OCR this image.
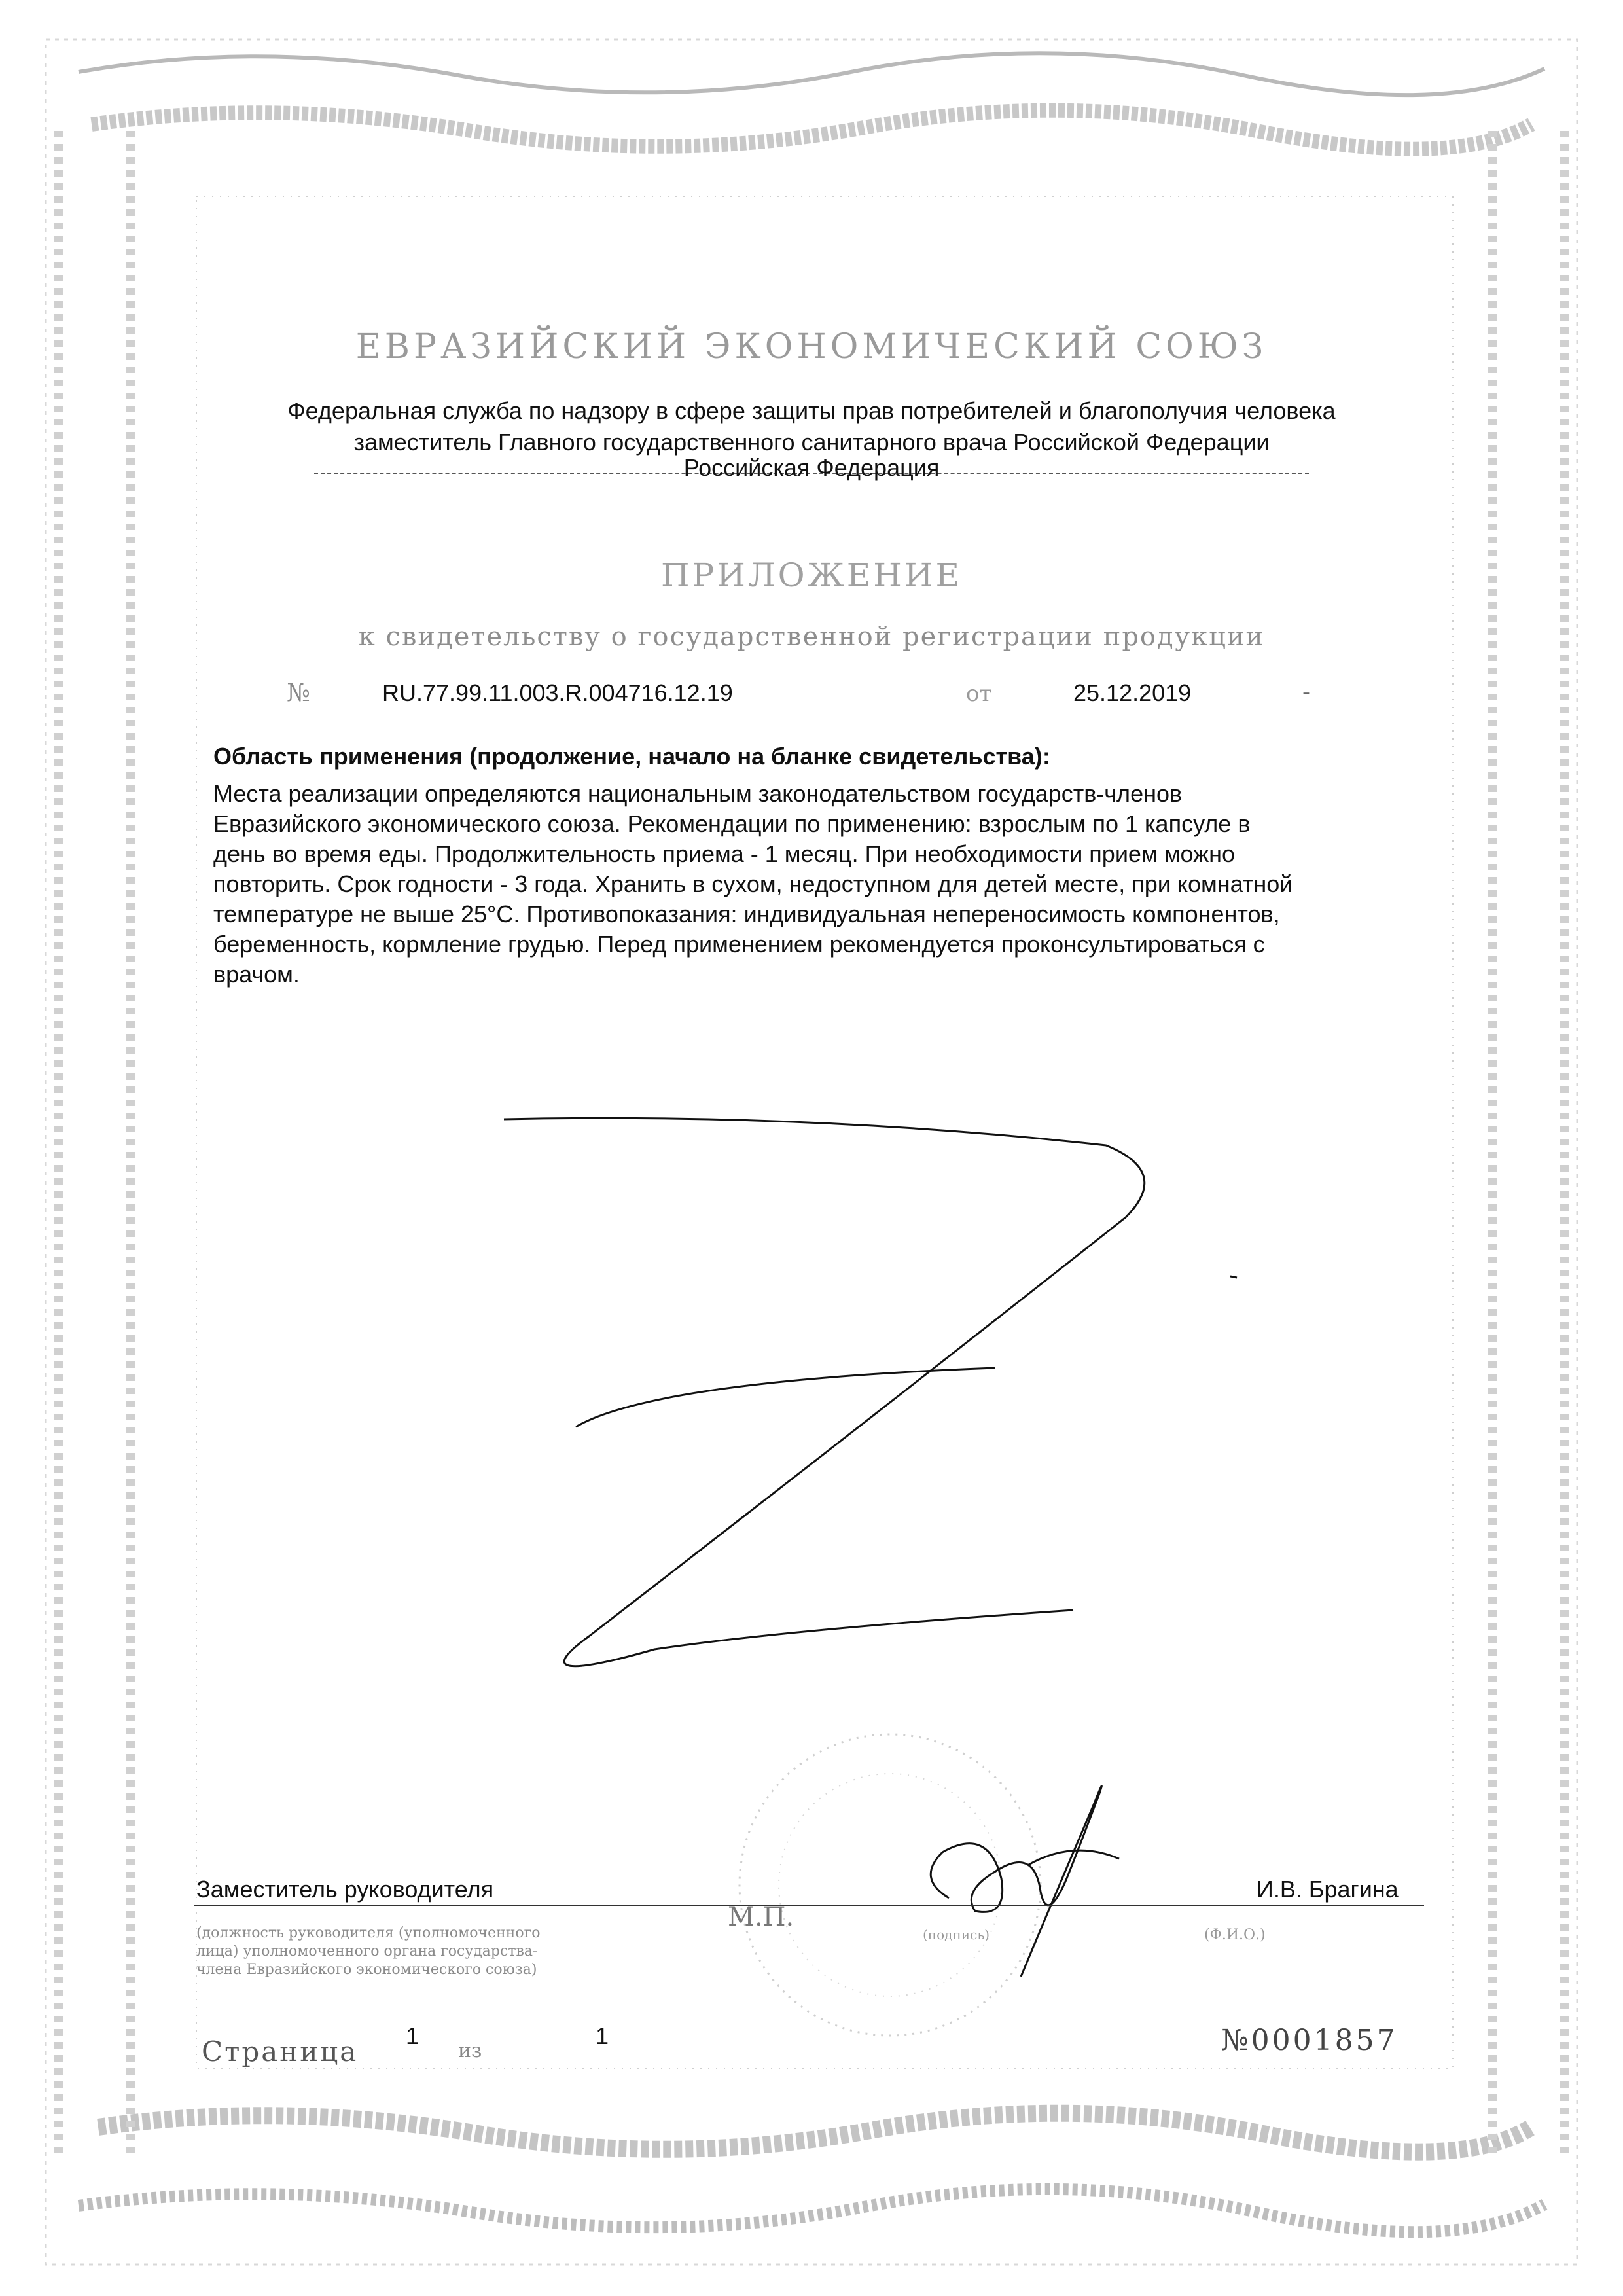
ЕВРАЗИЙСКИЙ ЭКОНОМИЧЕСКИЙ СОЮЗ
Федеральная служба по надзору в сфере защиты прав потребителей и благополучия человека
заместитель Главного государственного санитарного врача Российской Федерации
Российская Федерация
ПРИЛОЖЕНИЕ
к свидетельству о государственной регистрации продукции
№	RU.77.99.11.003.R.004716.12.19	от	25.12.2019	-
Область применения (продолжение, начало на бланке свидетельства):
Места реализации определяются национальным законодательством государств-членов
Евразийского экономического союза. Рекомендации по применению: взрослым по 1 капсуле в
день во время еды. Продолжительность приема - 1 месяц. При необходимости прием можно
повторить. Срок годности - 3 года. Хранить в сухом, недоступном для детей месте, при комнатной
температуре не выше 25°С. Противопоказания: индивидуальная непереносимость компонентов,
беременность, кормление грудью. Перед применением рекомендуется проконсультироваться с
врачом.
Заместитель руководителя
М.П.
И.В. Брагина
(должность руководителя (уполномоченного
лица) уполномоченного органа государства-
члена Евразийского экономического союза)
(подпись)	(Ф.И.О.)
Страница 1
из
1	№0001857
